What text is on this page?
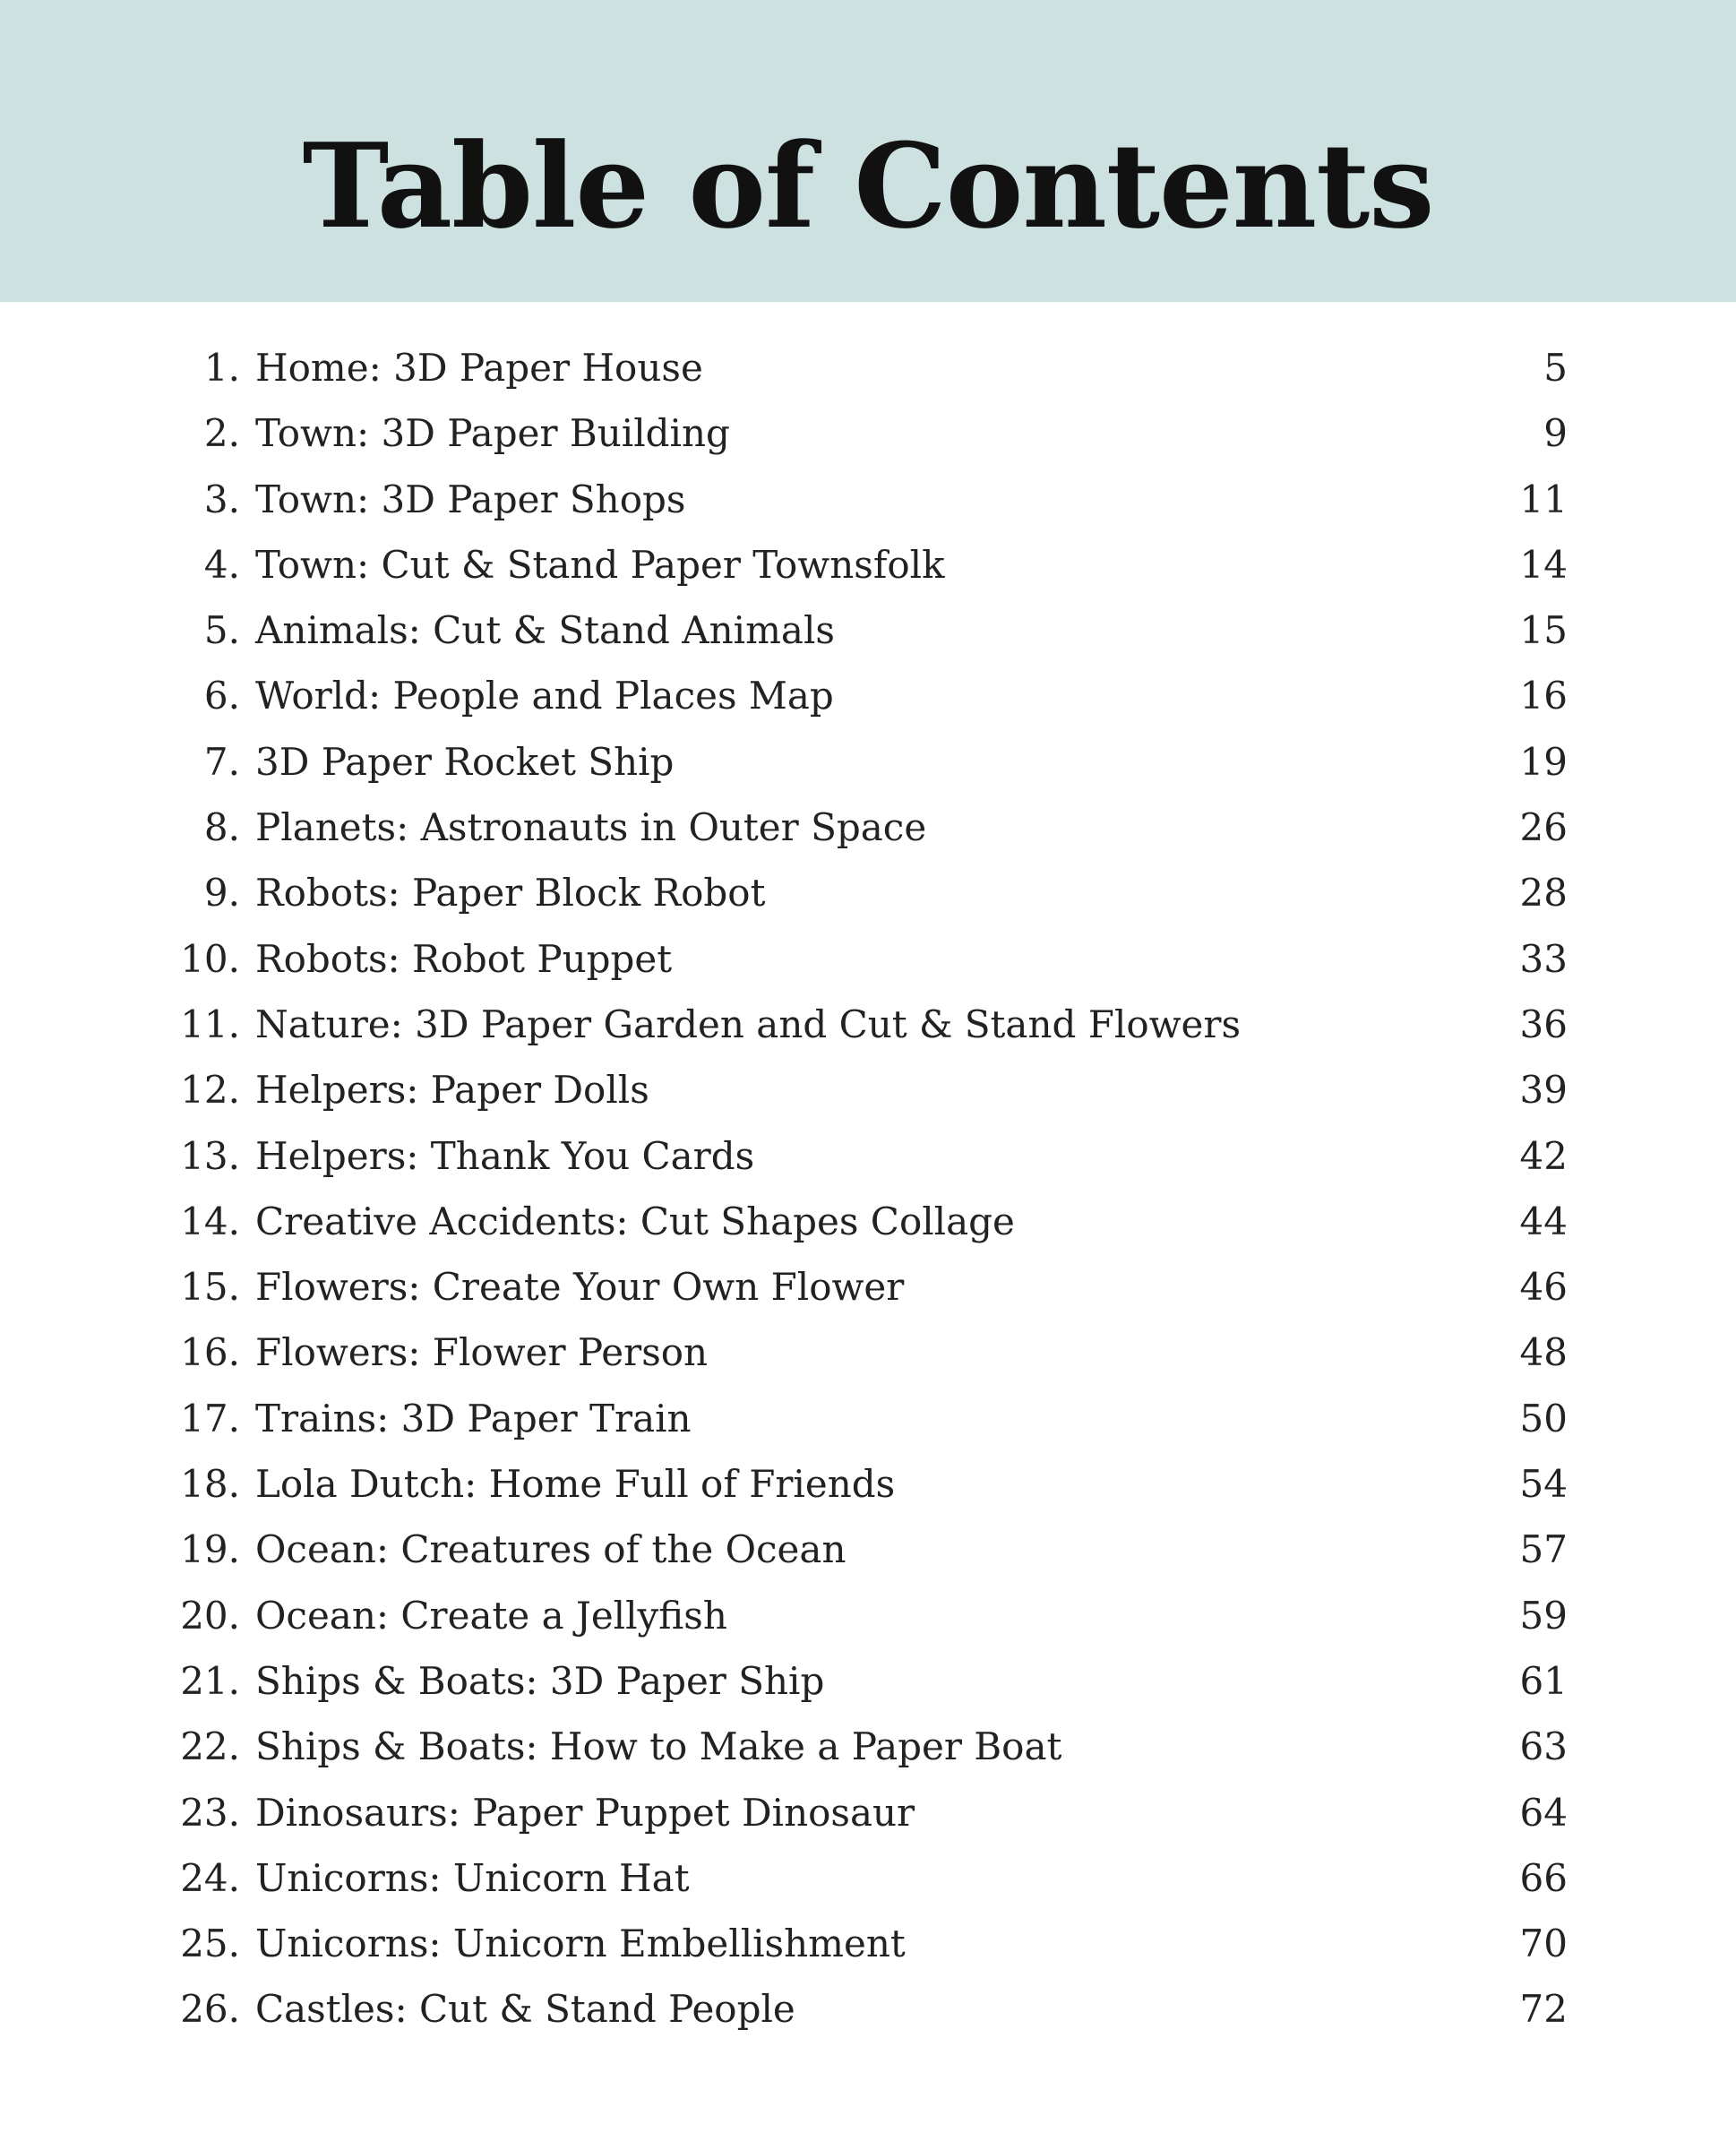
Table of Contents
1. Home: 3D Paper House	5
2. Town: 3D Paper Building	9
3. Town: 3D Paper Shops	11
4. Town: Cut & Stand Paper Townsfolk	14
5. Animals: Cut & Stand Animals	15
6. World: People and Places Map	16
7. 3D Paper Rocket Ship	19
8. Planets: Astronauts in Outer Space	26
9. Robots: Paper Block Robot	28
10. Robots: Robot Puppet	33
11. Nature: 3D Paper Garden and Cut & Stand Flowers	36
12. Helpers: Paper Dolls	39
13. Helpers: Thank You Cards	42
14. Creative Accidents: Cut Shapes Collage	44
15. Flowers: Create Your Own Flower	46
16. Flowers: Flower Person	48
17. Trains: 3D Paper Train	50
18. Lola Dutch: Home Full of Friends	54
19. Ocean: Creatures of the Ocean	57
20. Ocean: Create a Jellyfish	59
21. Ships & Boats: 3D Paper Ship	61
22. Ships & Boats: How to Make a Paper Boat	63
23. Dinosaurs: Paper Puppet Dinosaur	64
24. Unicorns: Unicorn Hat	66
25. Unicorns: Unicorn Embellishment	70
26. Castles: Cut & Stand People	72
